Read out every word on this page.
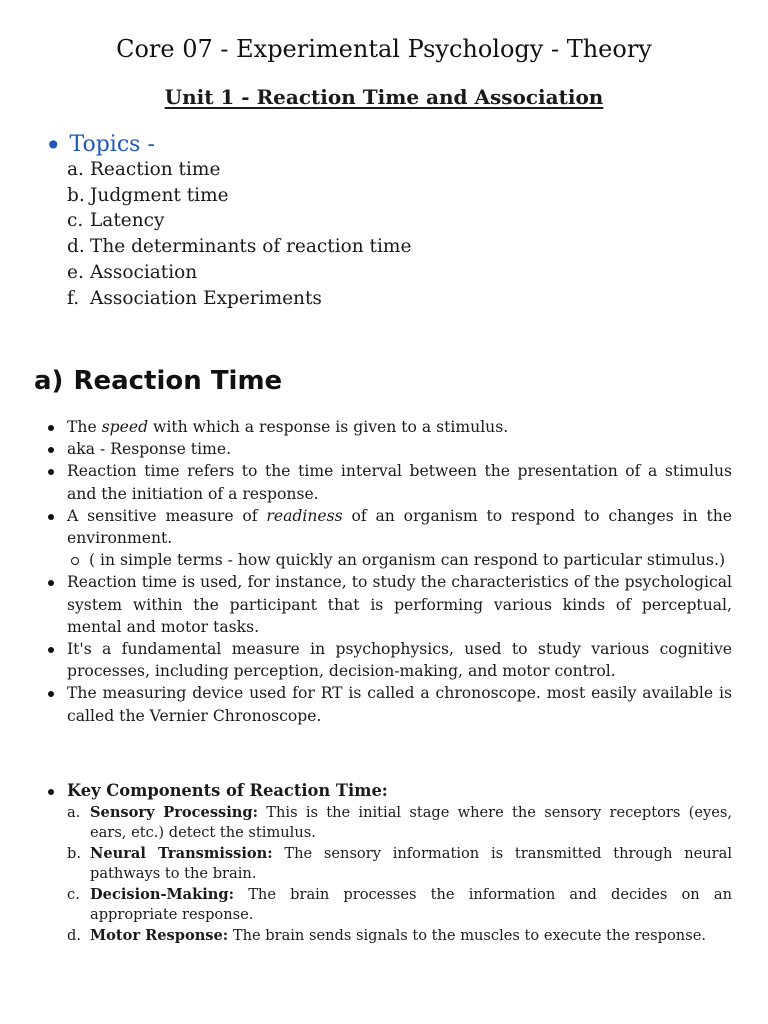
Core 07 - Experimental Psychology - Theory
Unit 1 - Reaction Time and Association
• Topics -
a. Reaction time
b. Judgment time
c. Latency
d. The determinants of reaction time
e. Association
f. Association Experiments
a) Reaction Time
The speed with which a response is given to a stimulus.
aka - Response time.
Reaction time refers to the time interval between the presentation of a stimulus and the initiation of a response.
A sensitive measure of readiness of an organism to respond to changes in the environment.
( in simple terms - how quickly an organism can respond to particular stimulus.)
Reaction time is used, for instance, to study the characteristics of the psychological system within the participant that is performing various kinds of perceptual, mental and motor tasks.
It's a fundamental measure in psychophysics, used to study various cognitive processes, including perception, decision-making, and motor control.
The measuring device used for RT is called a chronoscope. most easily available is called the Vernier Chronoscope.
Key Components of Reaction Time:
a. Sensory Processing: This is the initial stage where the sensory receptors (eyes, ears, etc.) detect the stimulus.
b. Neural Transmission: The sensory information is transmitted through neural pathways to the brain.
c. Decision-Making: The brain processes the information and decides on an appropriate response.
d. Motor Response: The brain sends signals to the muscles to execute the response.
